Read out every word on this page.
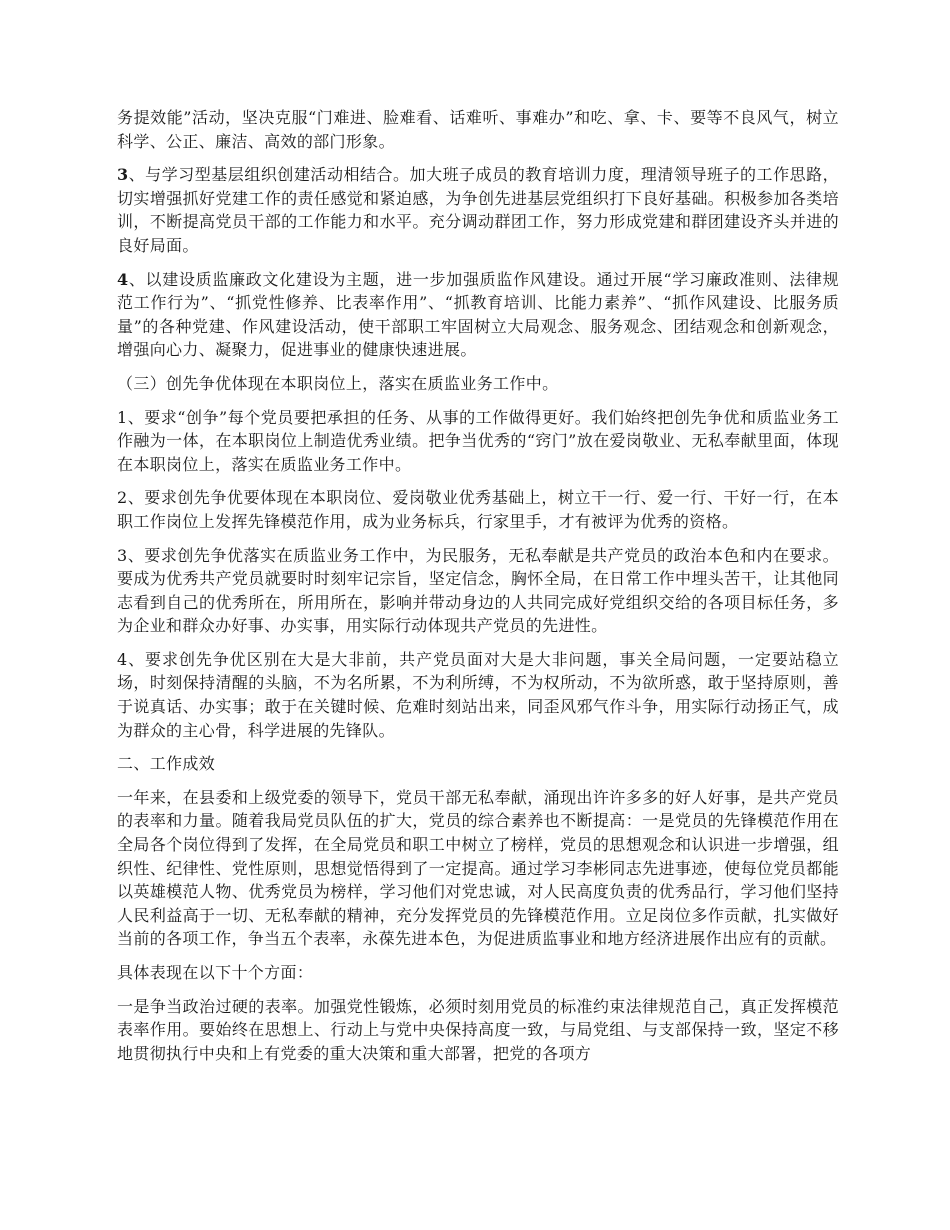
务提效能”活动，坚决克服“门难进、脸难看、话难听、事难办”和吃、拿、卡、要等不良风气，树立科学、公正、廉洁、高效的部门形象。

3、与学习型基层组织创建活动相结合。加大班子成员的教育培训力度，理清领导班子的工作思路，切实增强抓好党建工作的责任感觉和紧迫感，为争创先进基层党组织打下良好基础。积极参加各类培训，不断提高党员干部的工作能力和水平。充分调动群团工作，努力形成党建和群团建设齐头并进的良好局面。

4、以建设质监廉政文化建设为主题，进一步加强质监作风建设。通过开展“学习廉政准则、法律规范工作行为”、“抓党性修养、比表率作用”、“抓教育培训、比能力素养”、“抓作风建设、比服务质量”的各种党建、作风建设活动，使干部职工牢固树立大局观念、服务观念、团结观念和创新观念，增强向心力、凝聚力，促进事业的健康快速进展。

（三）创先争优体现在本职岗位上，落实在质监业务工作中。

1、要求“创争”每个党员要把承担的任务、从事的工作做得更好。我们始终把创先争优和质监业务工作融为一体，在本职岗位上制造优秀业绩。把争当优秀的“窍门”放在爱岗敬业、无私奉献里面，体现在本职岗位上，落实在质监业务工作中。

2、要求创先争优要体现在本职岗位、爱岗敬业优秀基础上，树立干一行、爱一行、干好一行，在本职工作岗位上发挥先锋模范作用，成为业务标兵，行家里手，才有被评为优秀的资格。

3、要求创先争优落实在质监业务工作中，为民服务，无私奉献是共产党员的政治本色和内在要求。要成为优秀共产党员就要时时刻牢记宗旨，坚定信念，胸怀全局，在日常工作中埋头苦干，让其他同志看到自己的优秀所在，所用所在，影响并带动身边的人共同完成好党组织交给的各项目标任务，多为企业和群众办好事、办实事，用实际行动体现共产党员的先进性。

4、要求创先争优区别在大是大非前，共产党员面对大是大非问题，事关全局问题，一定要站稳立场，时刻保持清醒的头脑，不为名所累，不为利所缚，不为权所动，不为欲所惑，敢于坚持原则，善于说真话、办实事；敢于在关键时候、危难时刻站出来，同歪风邪气作斗争，用实际行动扬正气，成为群众的主心骨，科学进展的先锋队。

二、工作成效

一年来，在县委和上级党委的领导下，党员干部无私奉献，涌现出许许多多的好人好事，是共产党员的表率和力量。随着我局党员队伍的扩大，党员的综合素养也不断提高：一是党员的先锋模范作用在全局各个岗位得到了发挥，在全局党员和职工中树立了榜样，党员的思想观念和认识进一步增强，组织性、纪律性、党性原则，思想觉悟得到了一定提高。通过学习李彬同志先进事迹，使每位党员都能以英雄模范人物、优秀党员为榜样，学习他们对党忠诚，对人民高度负责的优秀品行，学习他们坚持人民利益高于一切、无私奉献的精神，充分发挥党员的先锋模范作用。立足岗位多作贡献，扎实做好当前的各项工作，争当五个表率，永葆先进本色，为促进质监事业和地方经济进展作出应有的贡献。

具体表现在以下十个方面：

一是争当政治过硬的表率。加强党性锻炼，必须时刻用党员的标准约束法律规范自己，真正发挥模范表率作用。要始终在思想上、行动上与党中央保持高度一致，与局党组、与支部保持一致，坚定不移地贯彻执行中央和上有党委的重大决策和重大部署，把党的各项方
